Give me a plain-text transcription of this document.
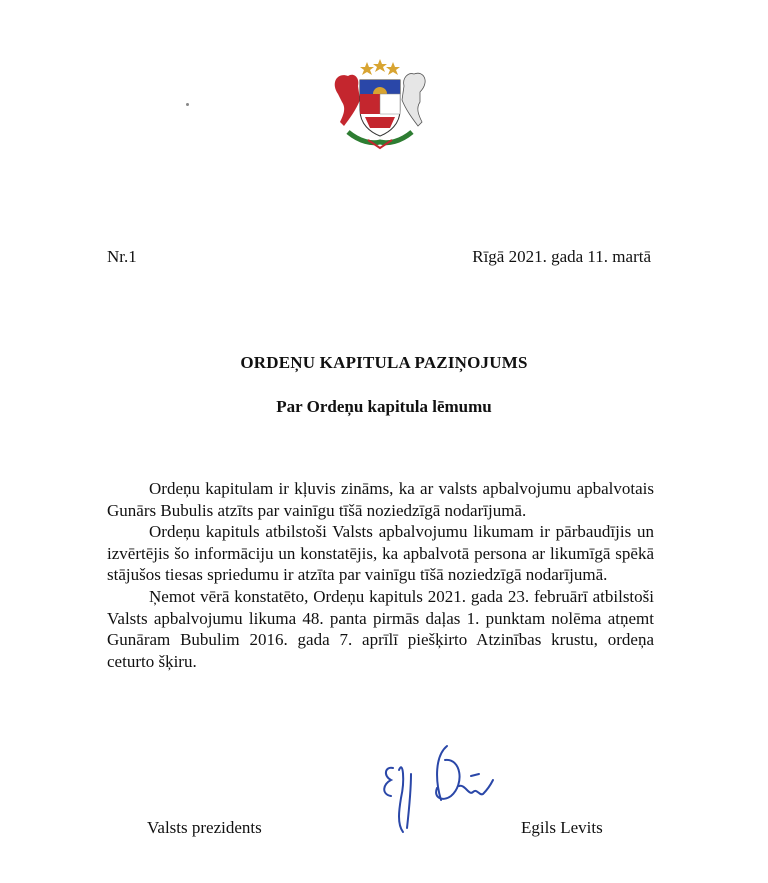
Nr.1	Rīgā 2021. gada 11. martā
ORDEŅU KAPITULA PAZIŅOJUMS
Par Ordeņu kapitula lēmumu

Ordeņu kapitulam ir kļuvis zināms, ka ar valsts apbalvojumu apbalvotais Gunārs Bubulis atzīts par vainīgu tīšā noziedzīgā nodarījumā.

Ordeņu kapituls atbilstoši Valsts apbalvojumu likumam ir pārbaudījis un izvērtējis šo informāciju un konstatējis, ka apbalvotā persona ar likumīgā spēkā stājušos tiesas spriedumu ir atzīta par vainīgu tīšā noziedzīgā nodarījumā.

Ņemot vērā konstatēto, Ordeņu kapituls 2021. gada 23. februārī atbilstoši Valsts apbalvojumu likuma 48. panta pirmās daļas 1. punktam nolēma atņemt Gunāram Bubulim 2016. gada 7. aprīlī piešķirto Atzinības krustu, ordeņa ceturto šķiru.

Valsts prezidents	Egils Levits
